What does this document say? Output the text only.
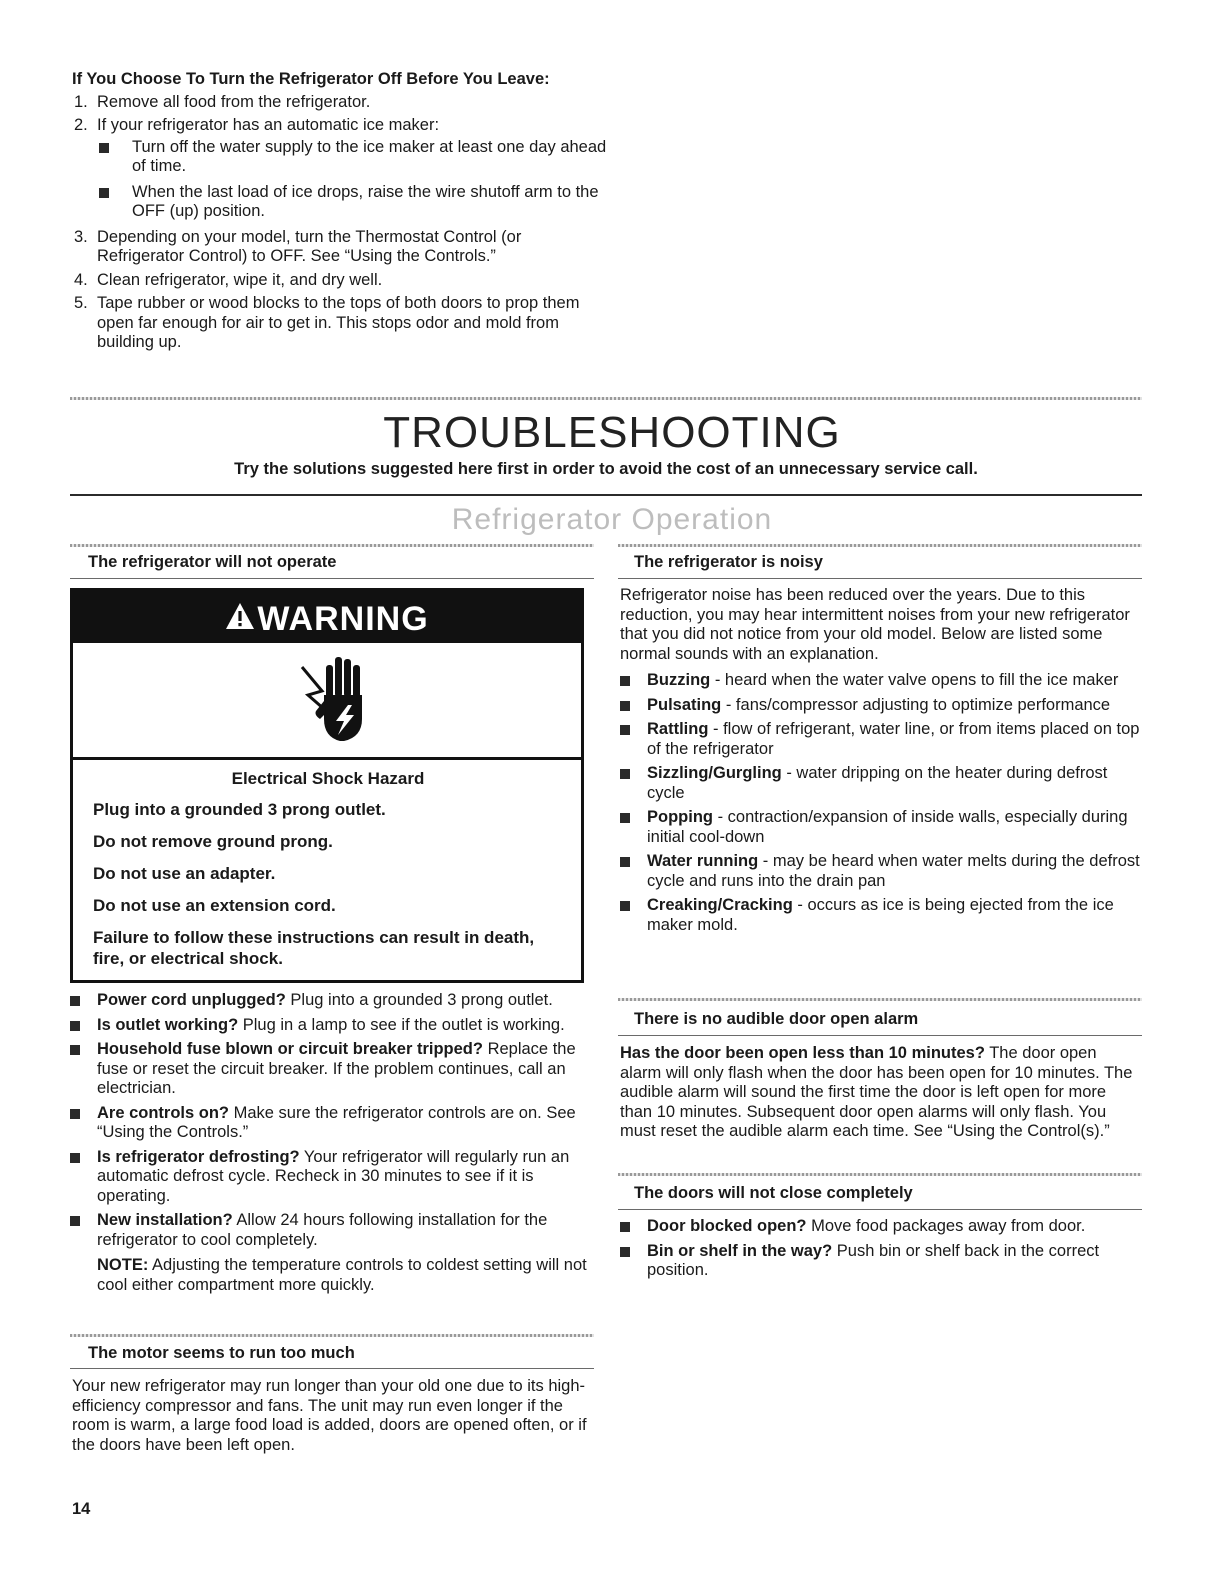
If You Choose To Turn the Refrigerator Off Before You Leave:
1. Remove all food from the refrigerator.
2. If your refrigerator has an automatic ice maker:
Turn off the water supply to the ice maker at least one day ahead of time.
When the last load of ice drops, raise the wire shutoff arm to the OFF (up) position.
3. Depending on your model, turn the Thermostat Control (or Refrigerator Control) to OFF. See “Using the Controls.”
4. Clean refrigerator, wipe it, and dry well.
5. Tape rubber or wood blocks to the tops of both doors to prop them open far enough for air to get in. This stops odor and mold from building up.
TROUBLESHOOTING
Try the solutions suggested here first in order to avoid the cost of an unnecessary service call.
Refrigerator Operation
The refrigerator will not operate
WARNING
Electrical Shock Hazard
Plug into a grounded 3 prong outlet.
Do not remove ground prong.
Do not use an adapter.
Do not use an extension cord.
Failure to follow these instructions can result in death, fire, or electrical shock.
Power cord unplugged? Plug into a grounded 3 prong outlet.
Is outlet working? Plug in a lamp to see if the outlet is working.
Household fuse blown or circuit breaker tripped? Replace the fuse or reset the circuit breaker. If the problem continues, call an electrician.
Are controls on? Make sure the refrigerator controls are on. See “Using the Controls.”
Is refrigerator defrosting? Your refrigerator will regularly run an automatic defrost cycle. Recheck in 30 minutes to see if it is operating.
New installation? Allow 24 hours following installation for the refrigerator to cool completely.
NOTE: Adjusting the temperature controls to coldest setting will not cool either compartment more quickly.
The motor seems to run too much
Your new refrigerator may run longer than your old one due to its high-efficiency compressor and fans. The unit may run even longer if the room is warm, a large food load is added, doors are opened often, or if the doors have been left open.
14
The refrigerator is noisy
Refrigerator noise has been reduced over the years. Due to this reduction, you may hear intermittent noises from your new refrigerator that you did not notice from your old model. Below are listed some normal sounds with an explanation.
Buzzing - heard when the water valve opens to fill the ice maker
Pulsating - fans/compressor adjusting to optimize performance
Rattling - flow of refrigerant, water line, or from items placed on top of the refrigerator
Sizzling/Gurgling - water dripping on the heater during defrost cycle
Popping - contraction/expansion of inside walls, especially during initial cool-down
Water running - may be heard when water melts during the defrost cycle and runs into the drain pan
Creaking/Cracking - occurs as ice is being ejected from the ice maker mold.
There is no audible door open alarm
Has the door been open less than 10 minutes? The door open alarm will only flash when the door has been open for 10 minutes. The audible alarm will sound the first time the door is left open for more than 10 minutes. Subsequent door open alarms will only flash. You must reset the audible alarm each time. See “Using the Control(s).”
The doors will not close completely
Door blocked open? Move food packages away from door.
Bin or shelf in the way? Push bin or shelf back in the correct position.
